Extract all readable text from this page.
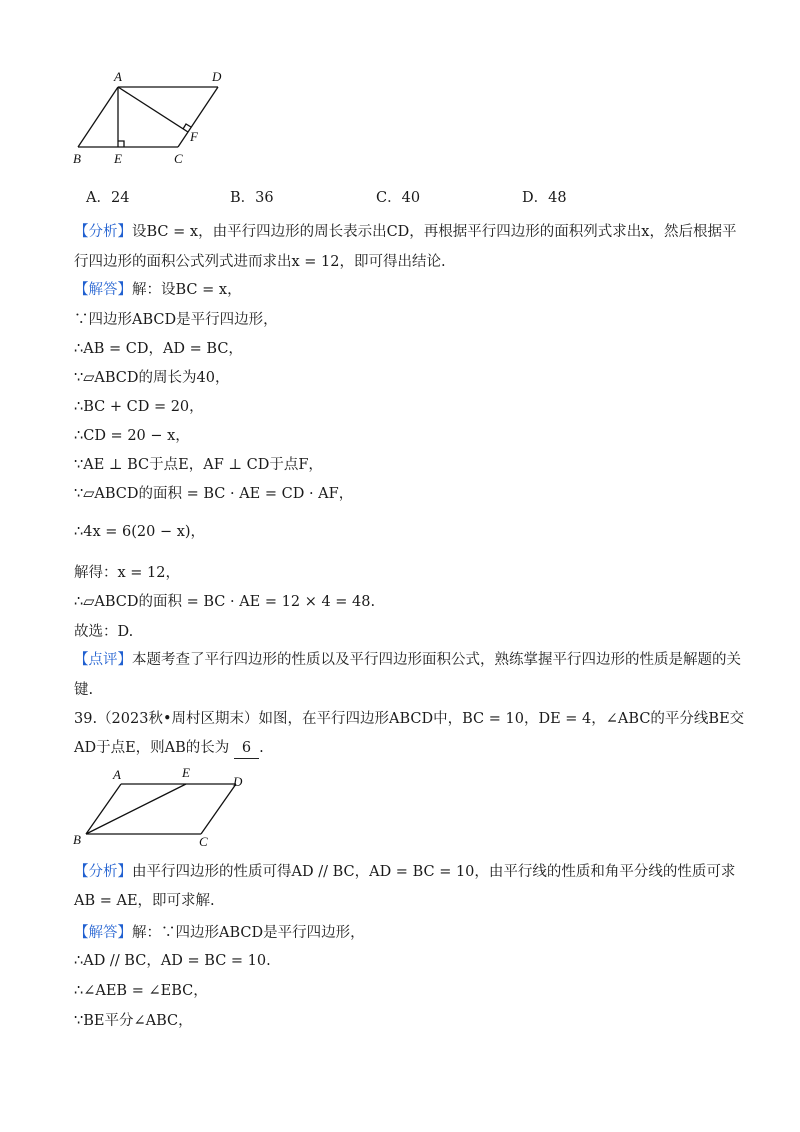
A	D
F
B	E	C
A．24	B．36	C．40	D．48
【分析】设BC = x，由平行四边形的周长表示出CD，再根据平行四边形的面积列式求出x，然后根据平
行四边形的面积公式列式进而求出x = 12，即可得出结论.
【解答】解：设BC = x，
∵四边形ABCD是平行四边形，
∴AB = CD，AD = BC，
∵▱ABCD的周长为40，
∴BC + CD = 20，
∴CD = 20 − x，
∵AE ⊥ BC于点E，AF ⊥ CD于点F，
∵▱ABCD的面积 = BC · AE = CD · AF，
∴4x = 6(20 − x)，
解得：x = 12，
∴▱ABCD的面积 = BC · AE = 12 × 4 = 48.
故选：D.
【点评】本题考查了平行四边形的性质以及平行四边形面积公式，熟练掌握平行四边形的性质是解题的关
键.
39.（2023秋•周村区期末）如图，在平行四边形ABCD中，BC = 10，DE = 4，∠ABC的平分线BE交
AD于点E，则AB的长为 6 .
A	E
D
B	C
【分析】由平行四边形的性质可得AD // BC，AD = BC = 10，由平行线的性质和角平分线的性质可求
AB = AE，即可求解.
【解答】解：∵四边形ABCD是平行四边形，
∴AD // BC，AD = BC = 10.
∴∠AEB = ∠EBC，
∵BE平分∠ABC，
